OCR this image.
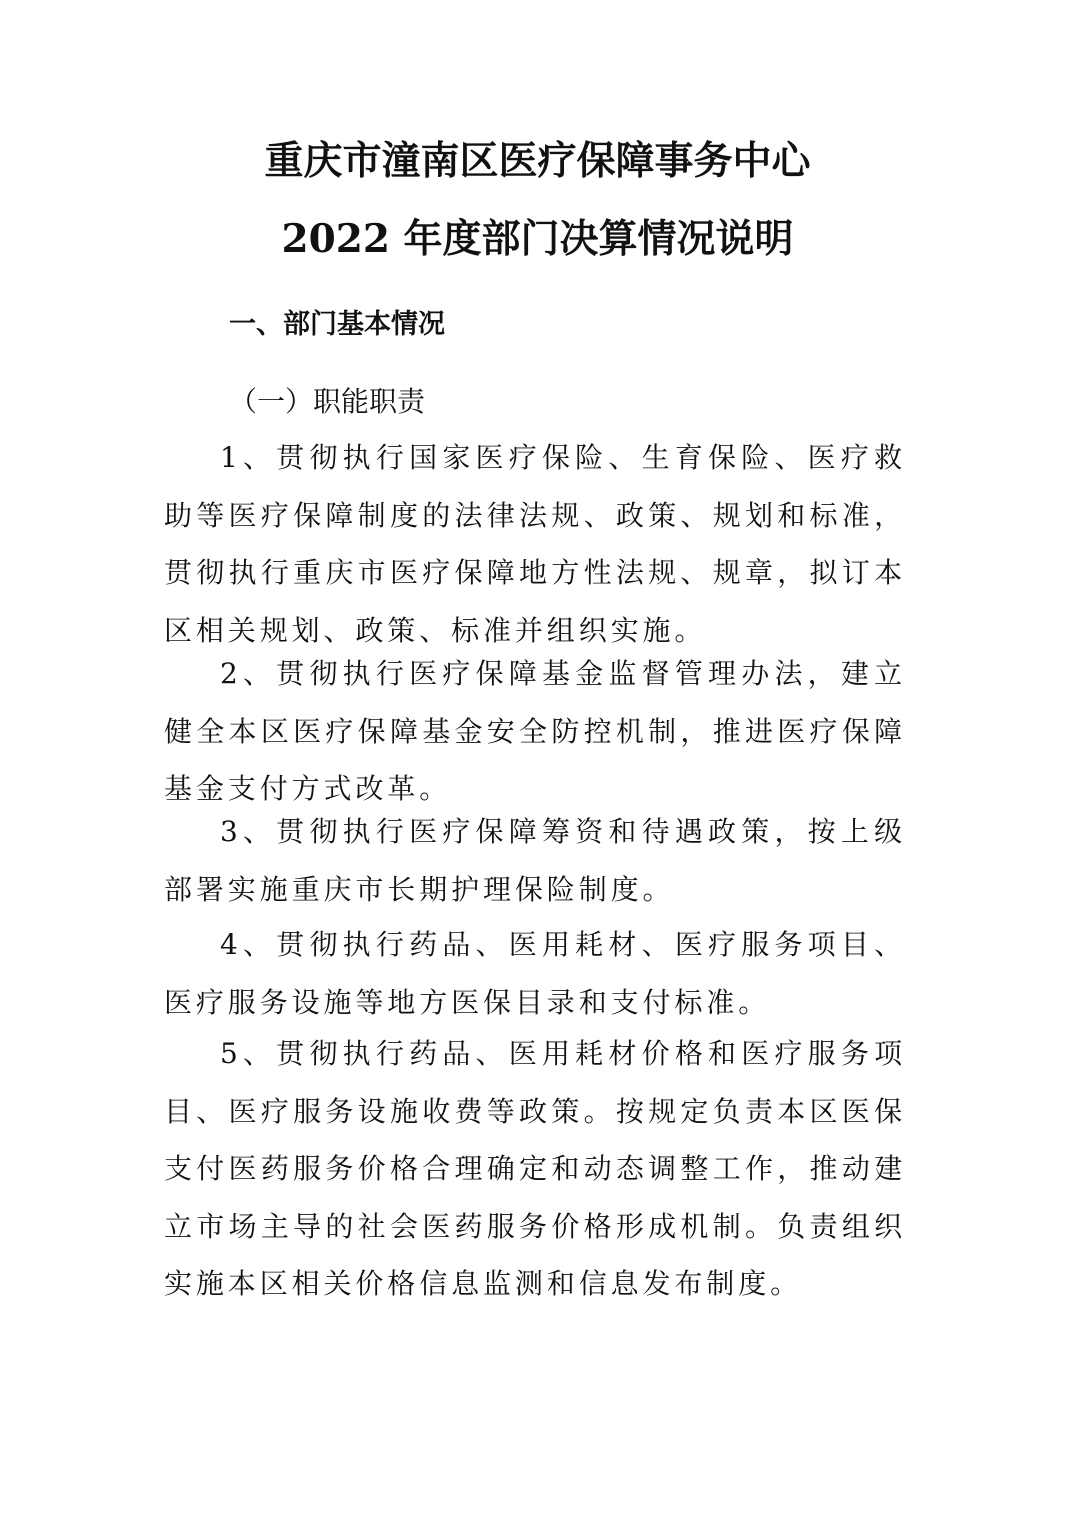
重庆市潼南区医疗保障事务中心
2022 年度部门决算情况说明
一、部门基本情况
（一）职能职责

1、贯彻执行国家医疗保险、生育保险、医疗救助等医疗保障制度的法律法规、政策、规划和标准，贯彻执行重庆市医疗保障地方性法规、规章，拟订本区相关规划、政策、标准并组织实施。

2、贯彻执行医疗保障基金监督管理办法，建立健全本区医疗保障基金安全防控机制，推进医疗保障基金支付方式改革。

3、贯彻执行医疗保障筹资和待遇政策，按上级部署实施重庆市长期护理保险制度。

4、贯彻执行药品、医用耗材、医疗服务项目、医疗服务设施等地方医保目录和支付标准。

5、贯彻执行药品、医用耗材价格和医疗服务项目、医疗服务设施收费等政策。按规定负责本区医保支付医药服务价格合理确定和动态调整工作，推动建立市场主导的社会医药服务价格形成机制。负责组织实施本区相关价格信息监测和信息发布制度。
